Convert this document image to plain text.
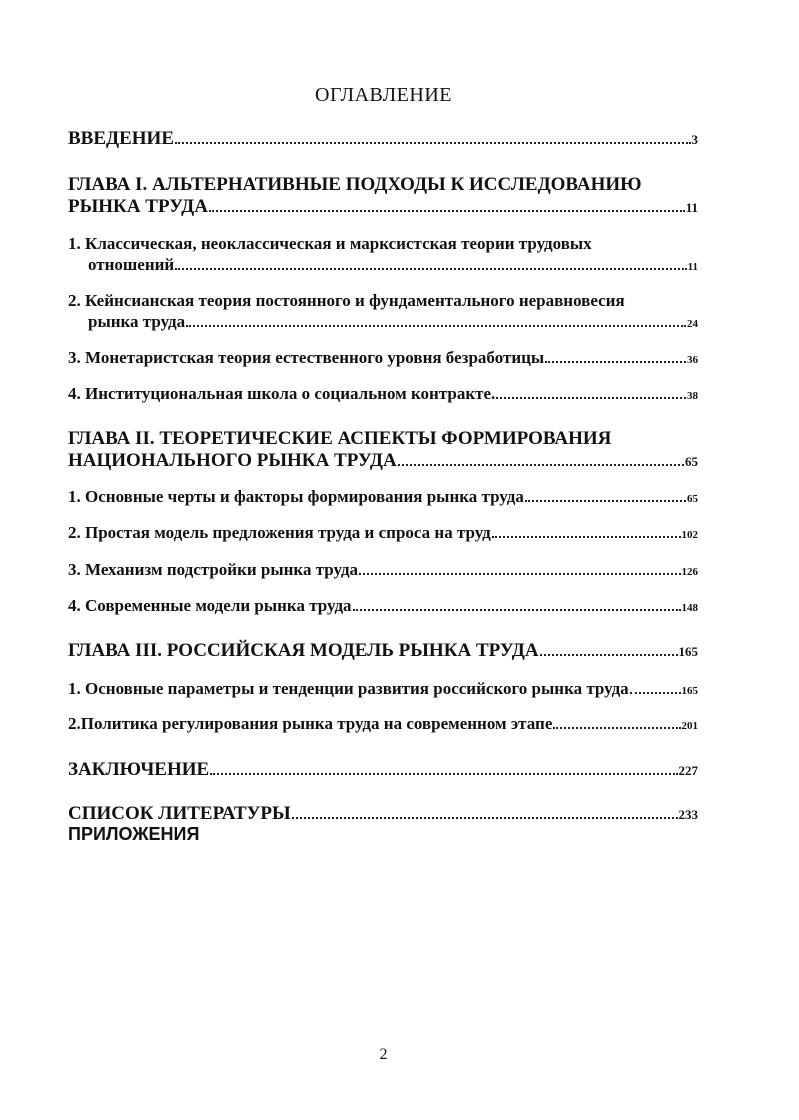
ОГЛАВЛЕНИЕ
ВВЕДЕНИЕ	3
ГЛАВА I. АЛЬТЕРНАТИВНЫЕ ПОДХОДЫ К ИССЛЕДОВАНИЮ
РЫНКА ТРУДА	11
1. Классическая, неоклассическая и марксистская теории трудовых
отношений	11
2. Кейнсианская теория постоянного и фундаментального неравновесия
рынка труда	24
3. Монетаристская теория естественного уровня безработицы	36
4. Институциональная школа о социальном контракте.	38
ГЛАВА II. ТЕОРЕТИЧЕСКИЕ АСПЕКТЫ ФОРМИРОВАНИЯ
НАЦИОНАЛЬНОГО РЫНКА ТРУДА	65
1. Основные черты и факторы формирования рынка труда	65
2. Простая модель предложения труда и спроса на труд	102
3. Механизм подстройки рынка труда	126
4. Современные модели рынка труда	148
ГЛАВА III. РОССИЙСКАЯ МОДЕЛЬ РЫНКА ТРУДА	165
1. Основные параметры и тенденции развития российского рынка труда	165
2.Политика регулирования рынка труда на современном этапе	201
ЗАКЛЮЧЕНИЕ	227
СПИСОК ЛИТЕРАТУРЫ	233
ПРИЛОЖЕНИЯ
2
